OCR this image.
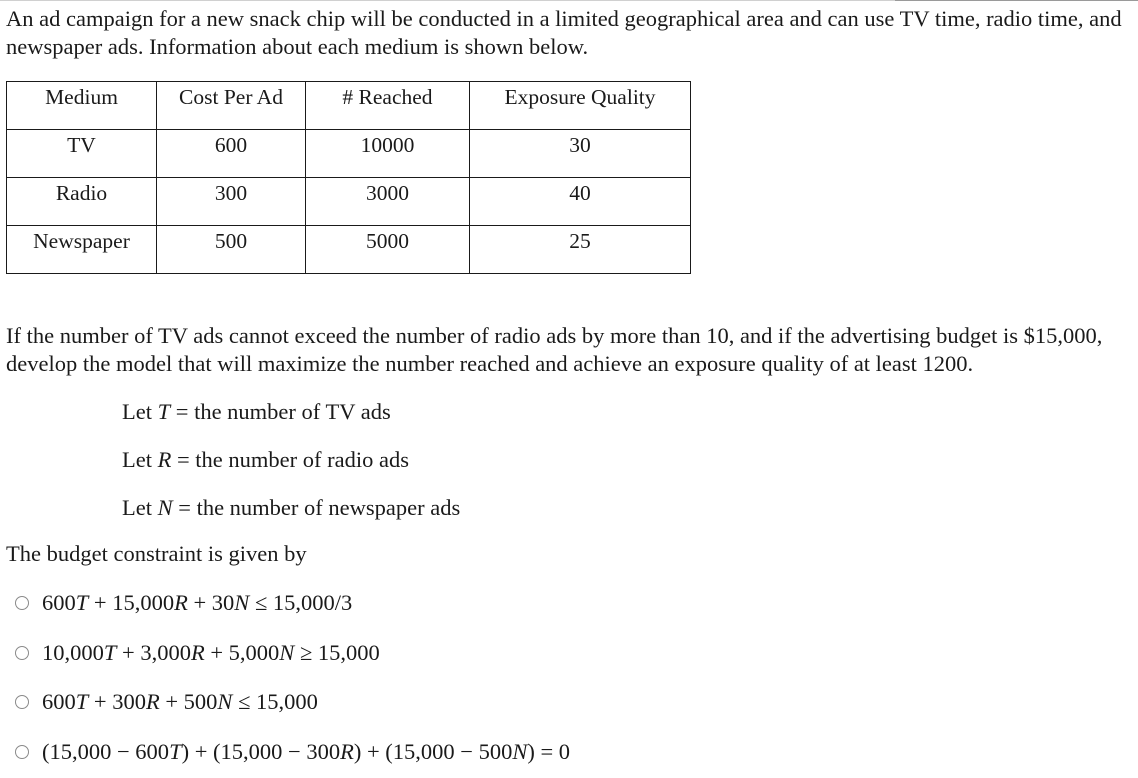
An ad campaign for a new snack chip will be conducted in a limited geographical area and can use TV time, radio time, and newspaper ads. Information about each medium is shown below.

Medium	Cost Per Ad	# Reached	Exposure Quality
TV	600	10000	30
Radio	300	3000	40
Newspaper	500	5000	25

If the number of TV ads cannot exceed the number of radio ads by more than 10, and if the advertising budget is $15,000, develop the model that will maximize the number reached and achieve an exposure quality of at least 1200.

Let T = the number of TV ads
Let R = the number of radio ads
Let N = the number of newspaper ads
The budget constraint is given by
600T + 15,000R + 30N ≤ 15,000/3
10,000T + 3,000R + 5,000N ≥ 15,000
600T + 300R + 500N ≤ 15,000
(15,000 − 600T) + (15,000 − 300R) + (15,000 − 500N) = 0
